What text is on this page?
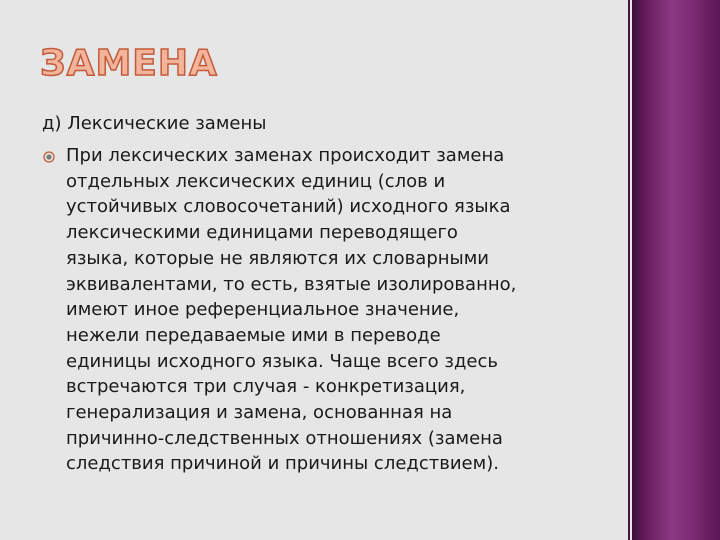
ЗАМЕНА
д) Лексические замены

При лексических заменах происходит замена
отдельных лексических единиц (слов и
устойчивых словосочетаний) исходного языка
лексическими единицами переводящего
языка, которые не являются их словарными
эквивалентами, то есть, взятые изолированно,
имеют иное референциальное значение,
нежели передаваемые ими в переводе
единицы исходного языка. Чаще всего здесь
встречаются три случая - конкретизация,
генерализация и замена, основанная на
причинно-следственных отношениях (замена
следствия причиной и причины следствием).
